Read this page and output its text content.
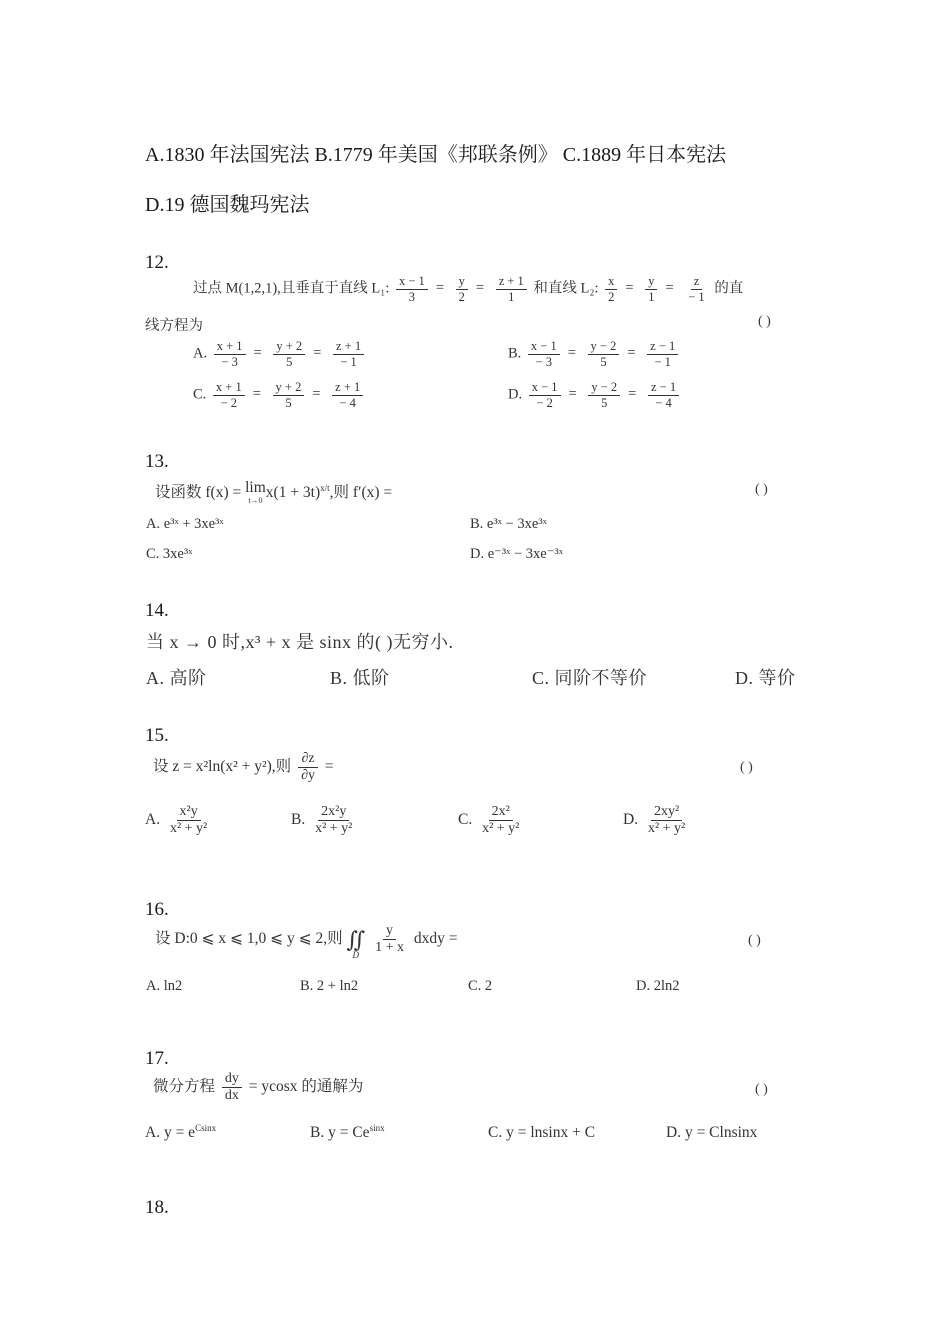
A.1830 年法国宪法 B.1779 年美国《邦联条例》 C.1889 年日本宪法
D.19 德国魏玛宪法
12.
过点 M(1,2,1),且垂直于直线 L₁: $\frac{x - 1}{3} = \frac{y}{2} = \frac{z + 1}{1}$ 和直线 L₂: $\frac{x}{2} = \frac{y}{1} = \frac{z}{- 1}$ 的直
线方程为	( )
A. $\frac{x + 1}{- 3} = \frac{y + 2}{5} = \frac{z + 1}{- 1}$	B. $\frac{x - 1}{- 3} = \frac{y - 2}{5} = \frac{z - 1}{- 1}$
C. $\frac{x + 1}{- 2} = \frac{y + 2}{5} = \frac{z + 1}{- 4}$	D. $\frac{x - 1}{- 2} = \frac{y - 2}{5} = \frac{z - 1}{- 4}$
13.
设函数 f(x) = lim
t→0 $x(1 + 3t)^{x/t}$,则 f′(x) =	( )
A. e³ˣ + 3xe³ˣ	B. e³ˣ − 3xe³ˣ
C. 3xe³ˣ	D. e⁻³ˣ − 3xe⁻³ˣ
14.
当 x → 0 时,x³ + x 是 sinx 的( )无穷小.
A. 高阶	B. 低阶	C. 同阶不等价	D. 等价
15.
设 z = x²ln(x² + y²),则 $\frac{\partial z}{\partial y}$ =	( )
A. $\frac{\text{x²y}}{\text{x² + y²}}$	B. $\frac{\text{2x²y}}{\text{x² + y²}}$	C. $\frac{\text{2x²}}{\text{x² + y²}}$	D. $\frac{\text{2xy²}}{\text{x² + y²}}$
16.
设 D:0 ⩽ x ⩽ 1,0 ⩽ y ⩽ 2,则 ∬
D
$\frac{y}{1 + x}$ dxdy =	( )
A. ln2	B. 2 + ln2	C. 2	D. 2ln2
17.
微分方程 $\frac{dy}{dx} = ycosx$ 的通解为	( )
A. $y = e^{Csinx}$	B. $y = Ce^{sinx}$	C. y = lnsinx + C	D. y = Clnsinx
18.
